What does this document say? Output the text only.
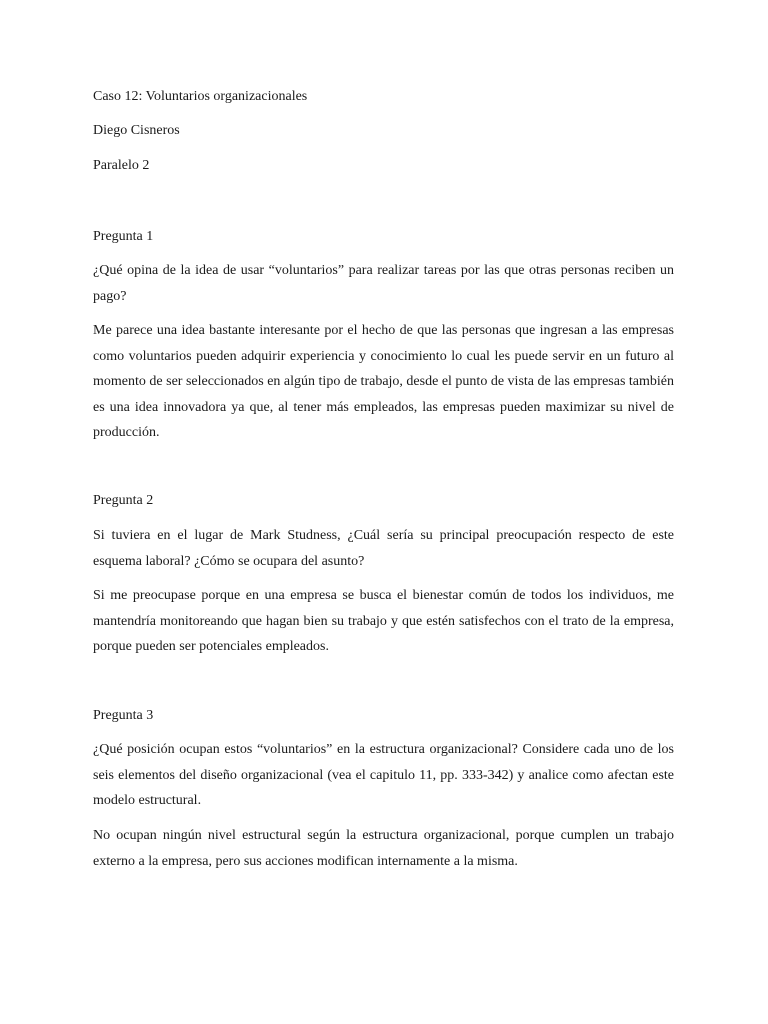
Caso 12: Voluntarios organizacionales
Diego Cisneros
Paralelo 2
Pregunta 1

¿Qué opina de la idea de usar “voluntarios” para realizar tareas por las que otras personas reciben un pago?

Me parece una idea bastante interesante por el hecho de que las personas que ingresan a las empresas como voluntarios pueden adquirir experiencia y conocimiento lo cual les puede servir en un futuro al momento de ser seleccionados en algún tipo de trabajo, desde el punto de vista de las empresas también es una idea innovadora ya que, al tener más empleados, las empresas pueden maximizar su nivel de producción.

Pregunta 2

Si tuviera en el lugar de Mark Studness, ¿Cuál sería su principal preocupación respecto de este esquema laboral? ¿Cómo se ocupara del asunto?

Si me preocupase porque en una empresa se busca el bienestar común de todos los individuos, me mantendría monitoreando que hagan bien su trabajo y que estén satisfechos con el trato de la empresa, porque pueden ser potenciales empleados.

Pregunta 3

¿Qué posición ocupan estos “voluntarios” en la estructura organizacional? Considere cada uno de los seis elementos del diseño organizacional (vea el capitulo 11, pp. 333-342) y analice como afectan este modelo estructural.

No ocupan ningún nivel estructural según la estructura organizacional, porque cumplen un trabajo externo a la empresa, pero sus acciones modifican internamente a la misma.
